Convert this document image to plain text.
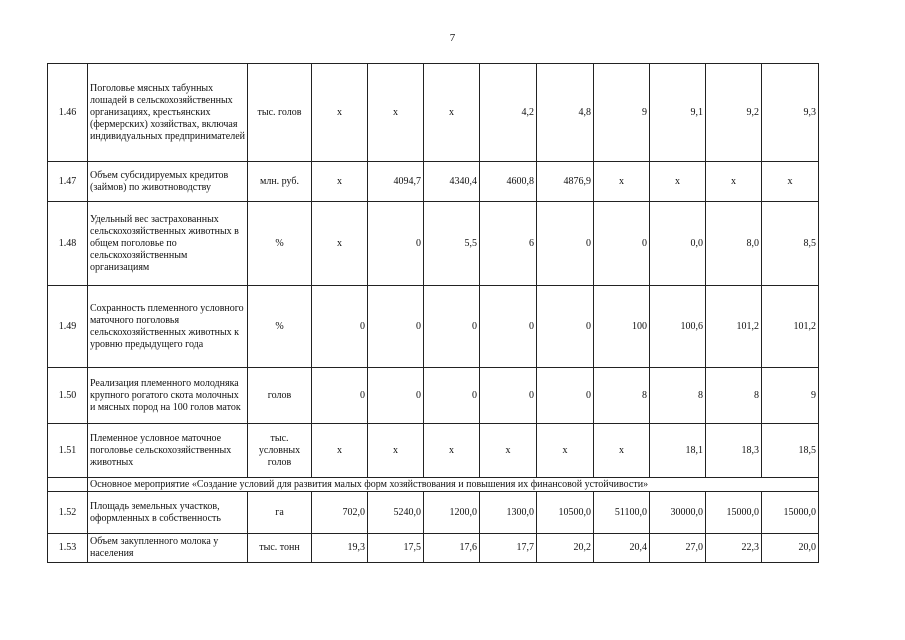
7
1.46	Поголовье мясных табунных лошадей в сельскохозяйственных организациях, крестьянских (фермерских) хозяйствах, включая индивидуальных предпринимателей	тыс. голов	х	х	х	4,2	4,8	9	9,1	9,2	9,3
1.47	Объем субсидируемых кредитов (займов) по животноводству	млн. руб.	х	4094,7	4340,4	4600,8	4876,9	х	х	х	х
1.48	Удельный вес застрахованных сельскохозяйственных животных в общем поголовье по сельскохозяйственным организациям	%	х	0	5,5	6	0	0	0,0	8,0	8,5
1.49	Сохранность племенного условного маточного поголовья сельскохозяйственных животных к уровню предыдущего года	%	0	0	0	0	0	100	100,6	101,2	101,2
1.50	Реализация племенного молодняка крупного рогатого скота молочных и мясных пород на 100 голов маток	голов	0	0	0	0	0	8	8	8	9
1.51	Племенное условное маточное поголовье сельскохозяйственных животных	тыс. условных голов	х	х	х	х	х	х	18,1	18,3	18,5
	Основное мероприятие «Создание условий для развития малых форм хозяйствования и повышения их финансовой устойчивости»										
1.52	Площадь земельных участков, оформленных в собственность	га	702,0	5240,0	1200,0	1300,0	10500,0	51100,0	30000,0	15000,0	15000,0
1.53	Объем закупленного молока у населения	тыс. тонн	19,3	17,5	17,6	17,7	20,2	20,4	27,0	22,3	20,0
